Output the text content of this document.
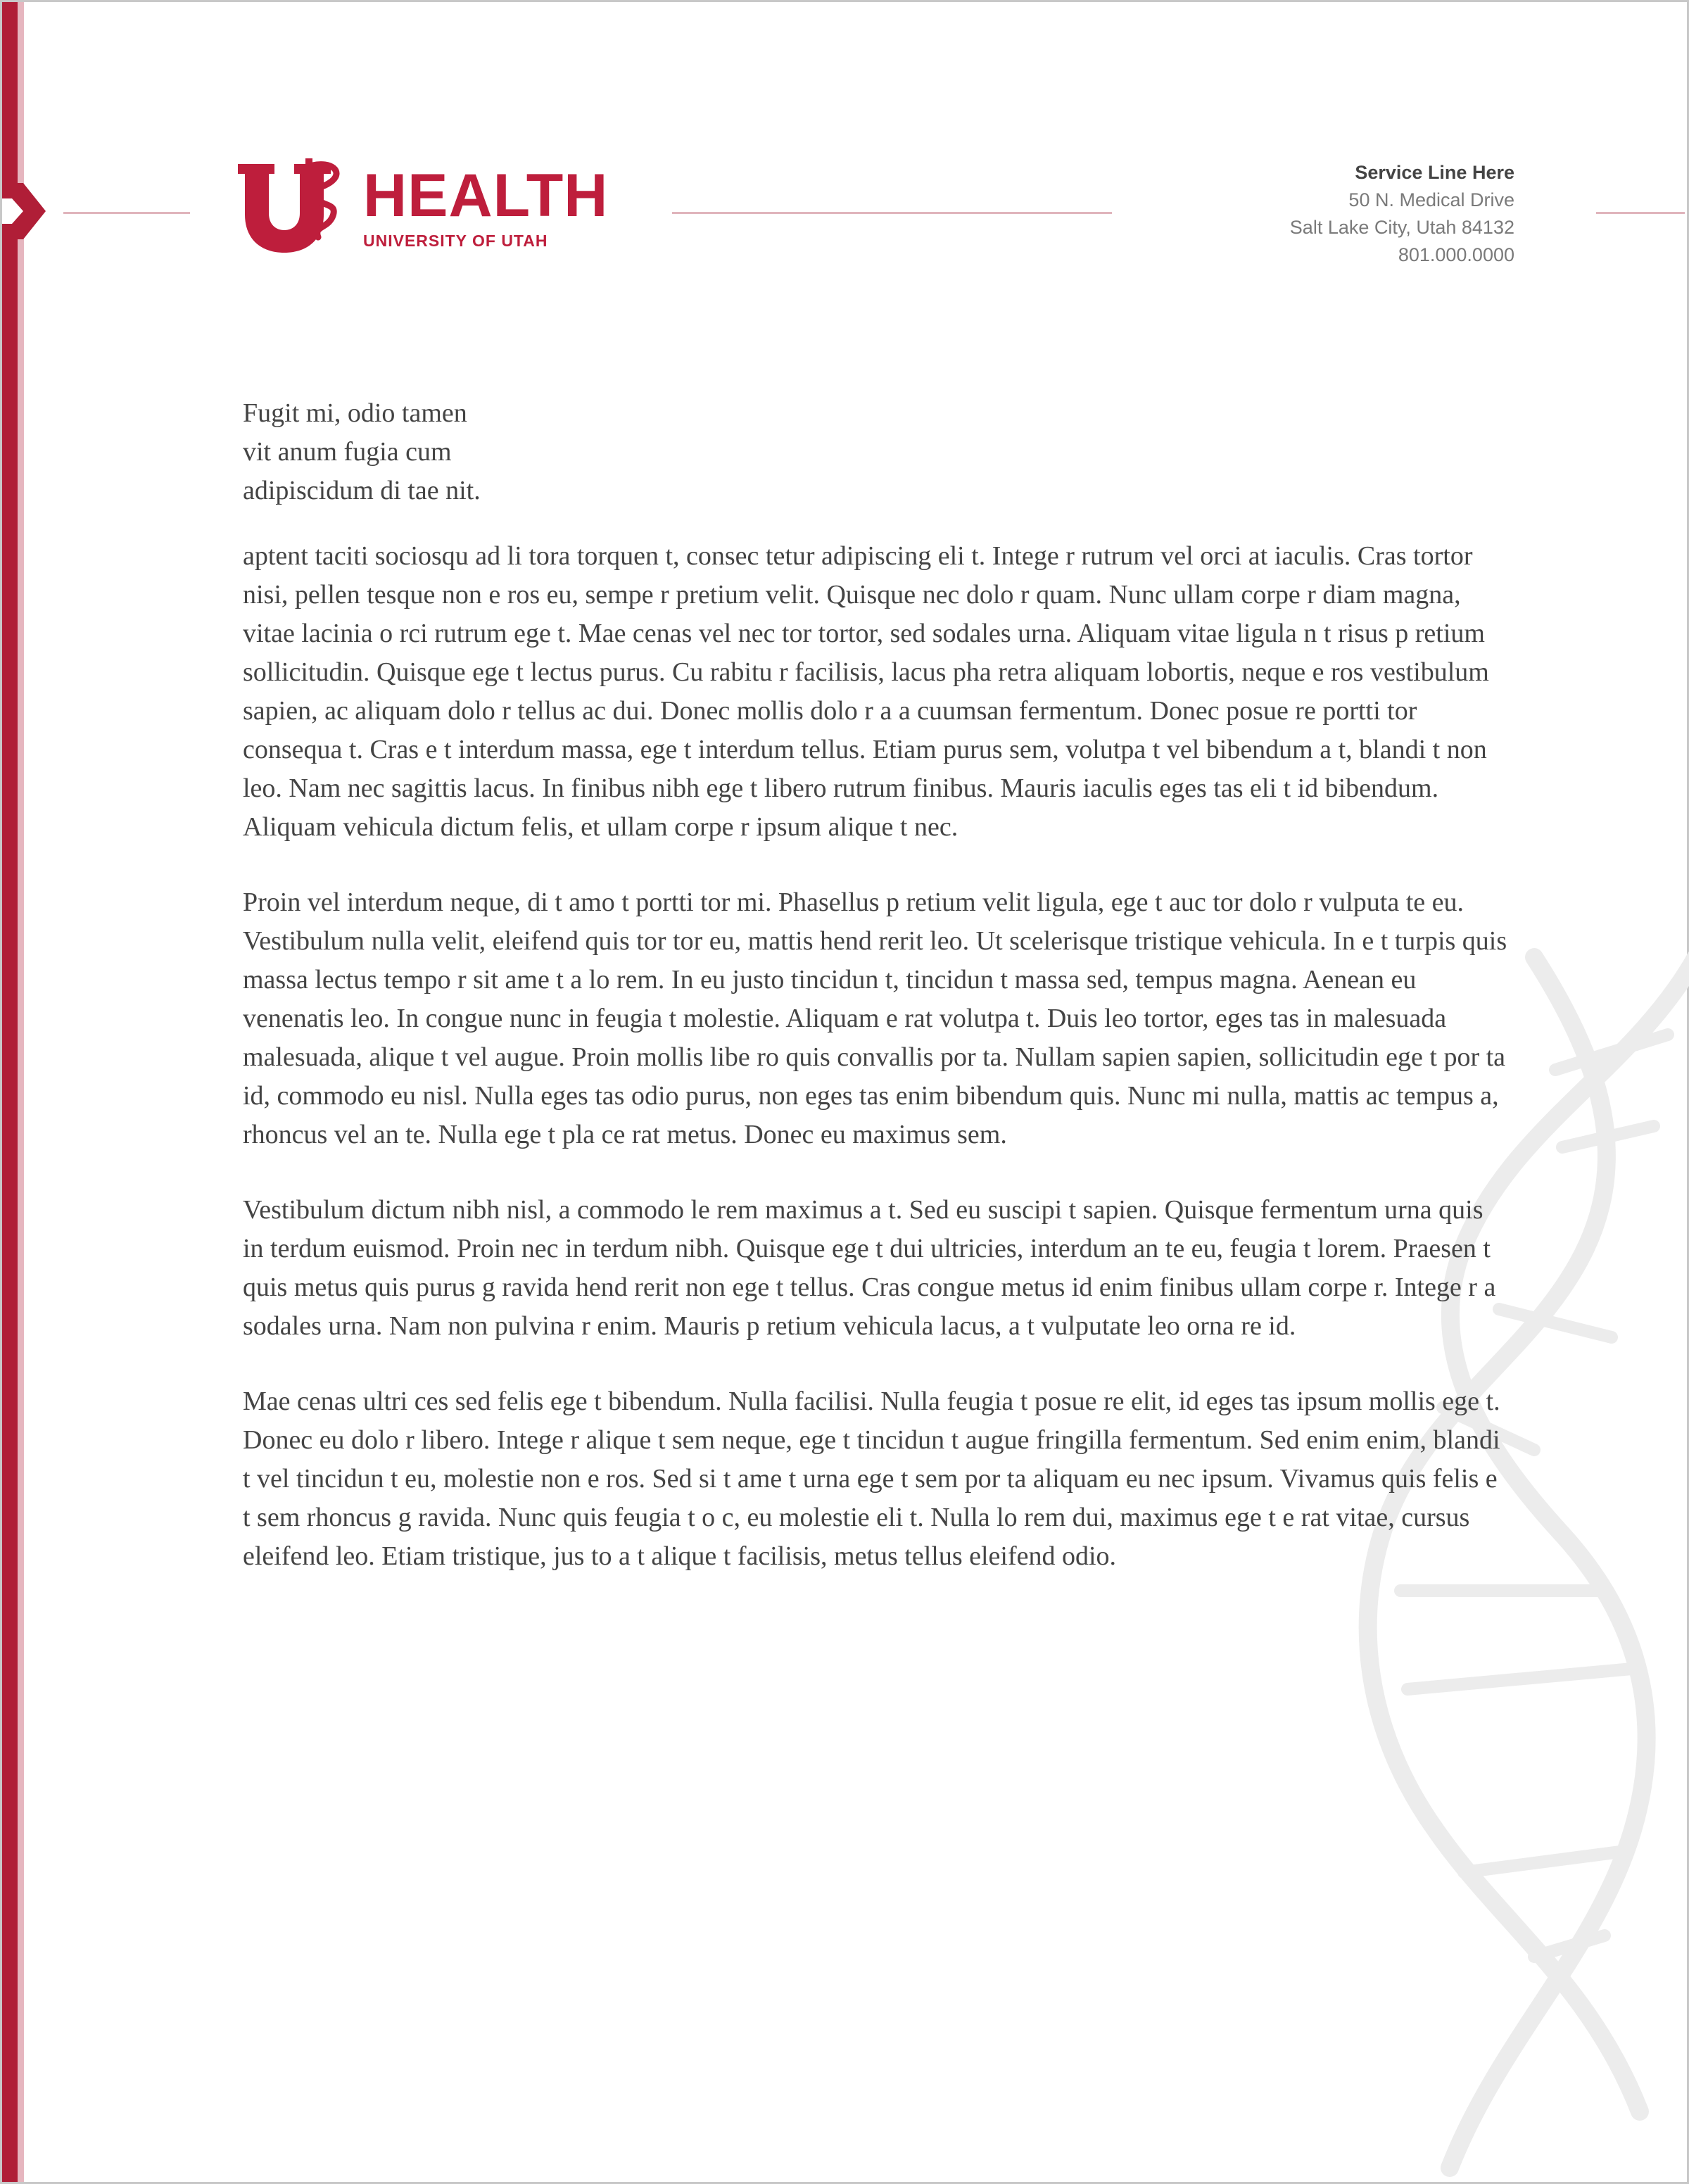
HEALTH
UNIVERSITY OF UTAH
Service Line Here
50 N. Medical Drive
Salt Lake City, Utah 84132
801.000.0000
Fugit mi, odio tamen
vit anum fugia cum
adipiscidum di tae nit.

aptent taciti sociosqu ad li tora torquen t, consec tetur adipiscing eli t. Intege r rutrum vel orci at iaculis. Cras tortor nisi, pellen tesque non e ros eu, sempe r pretium velit. Quisque nec dolo r quam. Nunc ullam corpe r diam magna, vitae lacinia o rci rutrum ege t. Mae cenas vel nec tor tortor, sed sodales urna. Aliquam vitae ligula n t risus p retium sollicitudin. Quisque ege t lectus purus. Cu rabitu r facilisis, lacus pha retra aliquam lobortis, neque e ros vestibulum sapien, ac aliquam dolo r tellus ac dui. Donec mollis dolo r a a cuumsan fermentum. Donec posue re portti tor consequa t. Cras e t interdum massa, ege t interdum tellus. Etiam purus sem, volutpa t vel bibendum a t, blandi t non leo. Nam nec sagittis lacus. In finibus nibh ege t libero rutrum finibus. Mauris iaculis eges tas eli t id bibendum. Aliquam vehicula dictum felis, et ullam corpe r ipsum alique t nec.

Proin vel interdum neque, di t amo t portti tor mi. Phasellus p retium velit ligula, ege t auc tor dolo r vulputa te eu. Vestibulum nulla velit, eleifend quis tor tor eu, mattis hend rerit leo. Ut scelerisque tristique vehicula. In e t turpis quis massa lectus tempo r sit ame t a lo rem. In eu justo tincidun t, tincidun t massa sed, tempus magna. Aenean eu venenatis leo. In congue nunc in feugia t molestie. Aliquam e rat volutpa t. Duis leo tortor, eges tas in malesuada malesuada, alique t vel augue. Proin mollis libe ro quis convallis por ta. Nullam sapien sapien, sollicitudin ege t por ta id, commodo eu nisl. Nulla eges tas odio purus, non eges tas enim bibendum quis. Nunc mi nulla, mattis ac tempus a, rhoncus vel an te. Nulla ege t pla ce rat metus. Donec eu maximus sem.

Vestibulum dictum nibh nisl, a commodo le rem maximus a t. Sed eu suscipi t sapien. Quisque fermentum urna quis in terdum euismod. Proin nec in terdum nibh. Quisque ege t dui ultricies, interdum an te eu, feugia t lorem. Praesen t quis metus quis purus g ravida hend rerit non ege t tellus. Cras congue metus id enim finibus ullam corpe r. Intege r a sodales urna. Nam non pulvina r enim. Mauris p retium vehicula lacus, a t vulputate leo orna re id.

Mae cenas ultri ces sed felis ege t bibendum. Nulla facilisi. Nulla feugia t posue re elit, id eges tas ipsum mollis ege t. Donec eu dolo r libero. Intege r alique t sem neque, ege t tincidun t augue fringilla fermentum. Sed enim enim, blandi t vel tincidun t eu, molestie non e ros. Sed si t ame t urna ege t sem por ta aliquam eu nec ipsum. Vivamus quis felis e t sem rhoncus g ravida. Nunc quis feugia t o c, eu molestie eli t. Nulla lo rem dui, maximus ege t e rat vitae, cursus eleifend leo. Etiam tristique, jus to a t alique t facilisis, metus tellus eleifend odio.
